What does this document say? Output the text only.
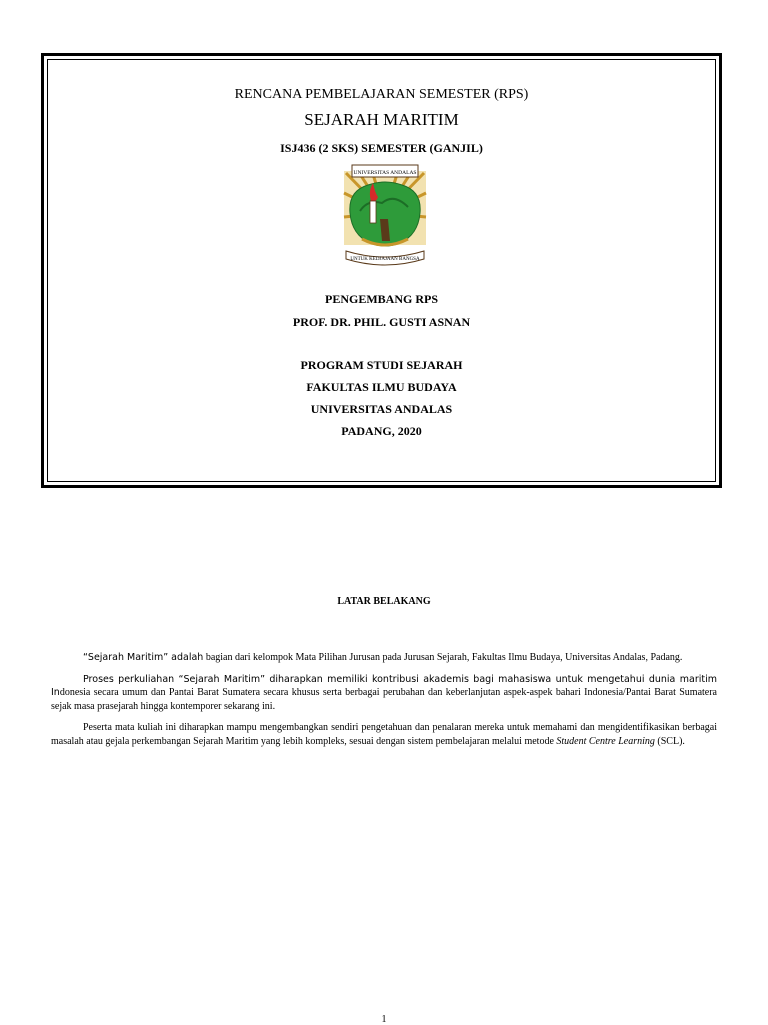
RENCANA PEMBELAJARAN SEMESTER (RPS)
SEJARAH MARITIM
ISJ436 (2 SKS) SEMESTER (GANJIL)
UNIVERSITAS ANDALAS
UNTUK KEDJAJAAN BANGSA
PENGEMBANG RPS
PROF. DR. PHIL. GUSTI ASNAN
PROGRAM STUDI SEJARAH
FAKULTAS ILMU BUDAYA
UNIVERSITAS ANDALAS
PADANG, 2020
LATAR BELAKANG

“Sejarah Maritim” adalah bagian dari kelompok Mata Pilihan Jurusan pada Jurusan Sejarah, Fakultas Ilmu Budaya, Universitas Andalas, Padang.

Proses perkuliahan “Sejarah Maritim” diharapkan memiliki kontribusi akademis bagi mahasiswa untuk mengetahui dunia maritim Indonesia secara umum dan Pantai Barat Sumatera secara khusus serta berbagai perubahan dan keberlanjutan aspek-aspek bahari Indonesia/Pantai Barat Sumatera sejak masa prasejarah hingga kontemporer sekarang ini.

Peserta mata kuliah ini diharapkan mampu mengembangkan sendiri pengetahuan dan penalaran mereka untuk memahami dan mengidentifikasikan berbagai masalah atau gejala perkembangan Sejarah Maritim yang lebih kompleks, sesuai dengan sistem pembelajaran melalui metode Student Centre Learning (SCL).

1
